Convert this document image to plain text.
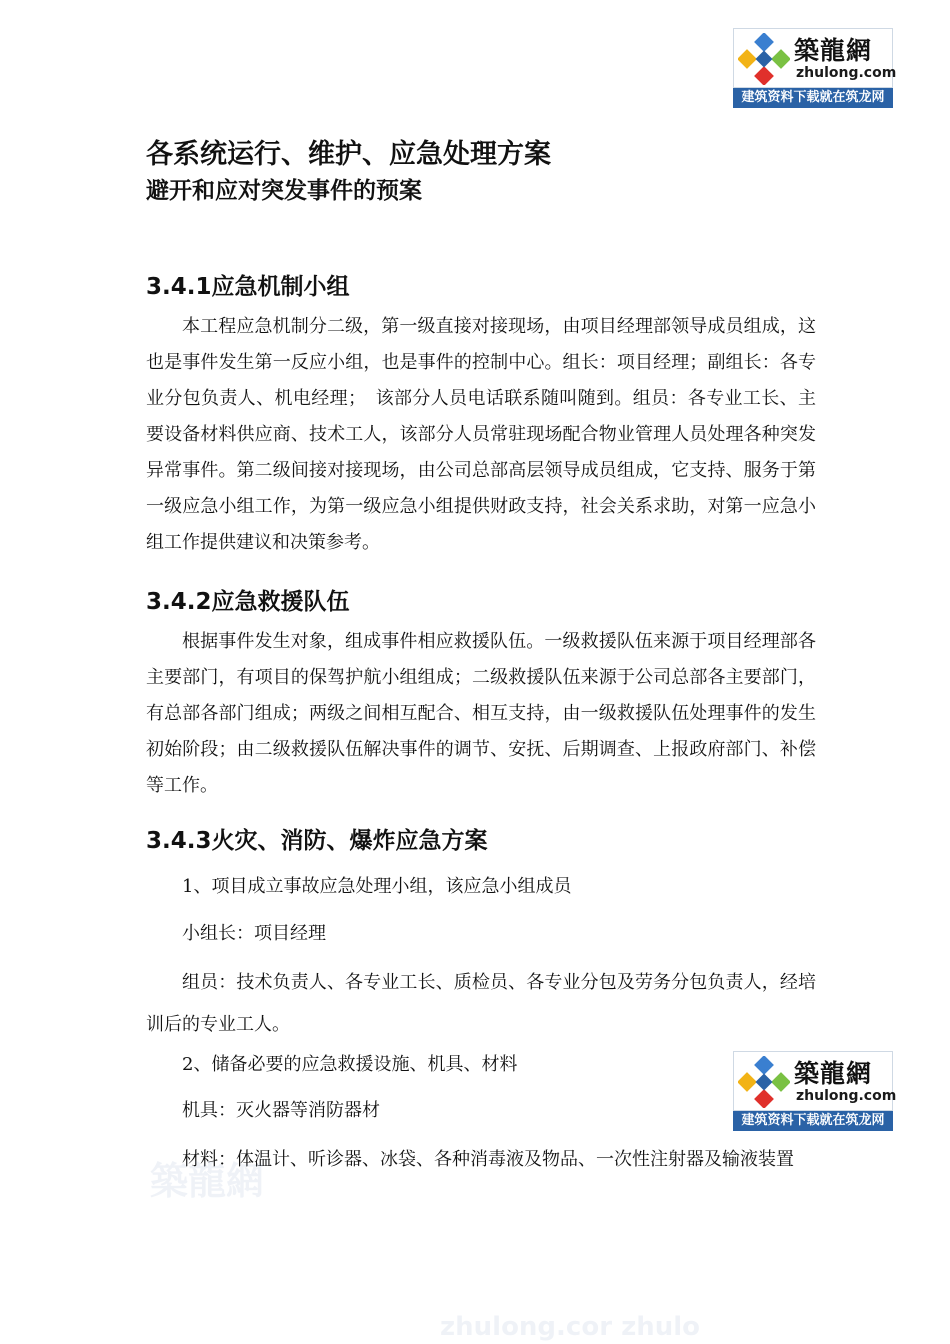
築龍網
zhulong.com
建筑资料下载就在筑龙网
各系统运行、维护、应急处理方案
避开和应对突发事件的预案
3.4.1应急机制小组

本工程应急机制分二级，第一级直接对接现场，由项目经理部领导成员组成，这也是事件发生第一反应小组，也是事件的控制中心。组长：项目经理；副组长：各专业分包负责人、机电经理；　该部分人员电话联系随叫随到。组员：各专业工长、主要设备材料供应商、技术工人，该部分人员常驻现场配合物业管理人员处理各种突发异常事件。第二级间接对接现场，由公司总部高层领导成员组成，它支持、服务于第一级应急小组工作，为第一级应急小组提供财政支持，社会关系求助，对第一应急小组工作提供建议和决策参考。

3.4.2应急救援队伍

根据事件发生对象，组成事件相应救援队伍。一级救援队伍来源于项目经理部各主要部门，有项目的保驾护航小组组成；二级救援队伍来源于公司总部各主要部门，有总部各部门组成；两级之间相互配合、相互支持，由一级救援队伍处理事件的发生初始阶段；由二级救援队伍解决事件的调节、安抚、后期调查、上报政府部门、补偿等工作。

3.4.3火灾、消防、爆炸应急方案

1、项目成立事故应急处理小组，该应急小组成员

小组长：项目经理

组员：技术负责人、各专业工长、质检员、各专业分包及劳务分包负责人，经培训后的专业工人。

2、储备必要的应急救援设施、机具、材料

机具：灭火器等消防器材

材料：体温计、听诊器、冰袋、各种消毒液及物品、一次性注射器及输液装置

築龍網
zhulong.com
建筑资料下载就在筑龙网
築龍網
zhulong.cor zhulo
